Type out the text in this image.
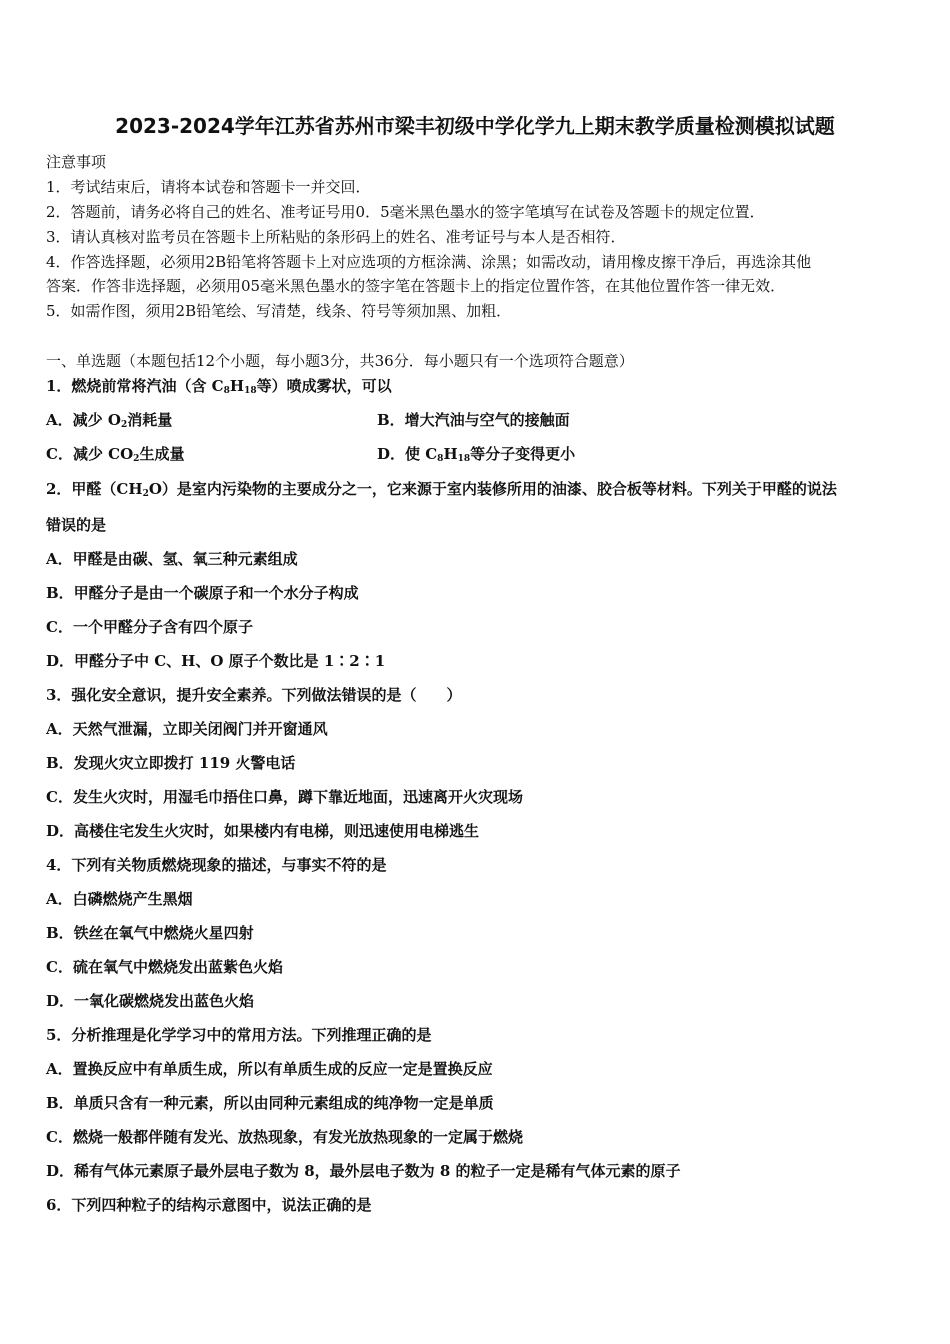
2023-2024学年江苏省苏州市梁丰初级中学化学九上期末教学质量检测模拟试题
注意事项
1．考试结束后，请将本试卷和答题卡一并交回．
2．答题前，请务必将自己的姓名、准考证号用0．5毫米黑色墨水的签字笔填写在试卷及答题卡的规定位置．
3．请认真核对监考员在答题卡上所粘贴的条形码上的姓名、准考证号与本人是否相符．
4．作答选择题，必须用2B铅笔将答题卡上对应选项的方框涂满、涂黑；如需改动，请用橡皮擦干净后，再选涂其他
答案．作答非选择题，必须用05毫米黑色墨水的签字笔在答题卡上的指定位置作答，在其他位置作答一律无效．
5．如需作图，须用2B铅笔绘、写清楚，线条、符号等须加黑、加粗．
一、单选题（本题包括12个小题，每小题3分，共36分．每小题只有一个选项符合题意）
1．燃烧前常将汽油（含 $C_8H_{18}$等）喷成雾状，可以
A．减少 $O_2$消耗量	B．增大汽油与空气的接触面
C．减少 $CO_2$生成量	D．使 $C_8H_{18}$等分子变得更小
2．甲醛$(CH_2O)$是室内污染物的主要成分之一，它来源于室内装修所用的油漆、胶合板等材料。下列关于甲醛的说法
错误的是
A．甲醛是由碳、氢、氧三种元素组成
B．甲醛分子是由一个碳原子和一个水分子构成
C．一个甲醛分子含有四个原子
D．甲醛分子中 C、H、O 原子个数比是 1∶2∶1
3．强化安全意识，提升安全素养。下列做法错误的是（　　）
A．天然气泄漏，立即关闭阀门并开窗通风
B．发现火灾立即拨打 119 火警电话
C．发生火灾时，用湿毛巾捂住口鼻，蹲下靠近地面，迅速离开火灾现场
D．高楼住宅发生火灾时，如果楼内有电梯，则迅速使用电梯逃生
4．下列有关物质燃烧现象的描述，与事实不符的是
A．白磷燃烧产生黑烟
B．铁丝在氧气中燃烧火星四射
C．硫在氧气中燃烧发出蓝紫色火焰
D．一氧化碳燃烧发出蓝色火焰
5．分析推理是化学学习中的常用方法。下列推理正确的是
A．置换反应中有单质生成，所以有单质生成的反应一定是置换反应
B．单质只含有一种元素，所以由同种元素组成的纯净物一定是单质
C．燃烧一般都伴随有发光、放热现象，有发光放热现象的一定属于燃烧
D．稀有气体元素原子最外层电子数为 8，最外层电子数为 8 的粒子一定是稀有气体元素的原子
6．下列四种粒子的结构示意图中，说法正确的是
